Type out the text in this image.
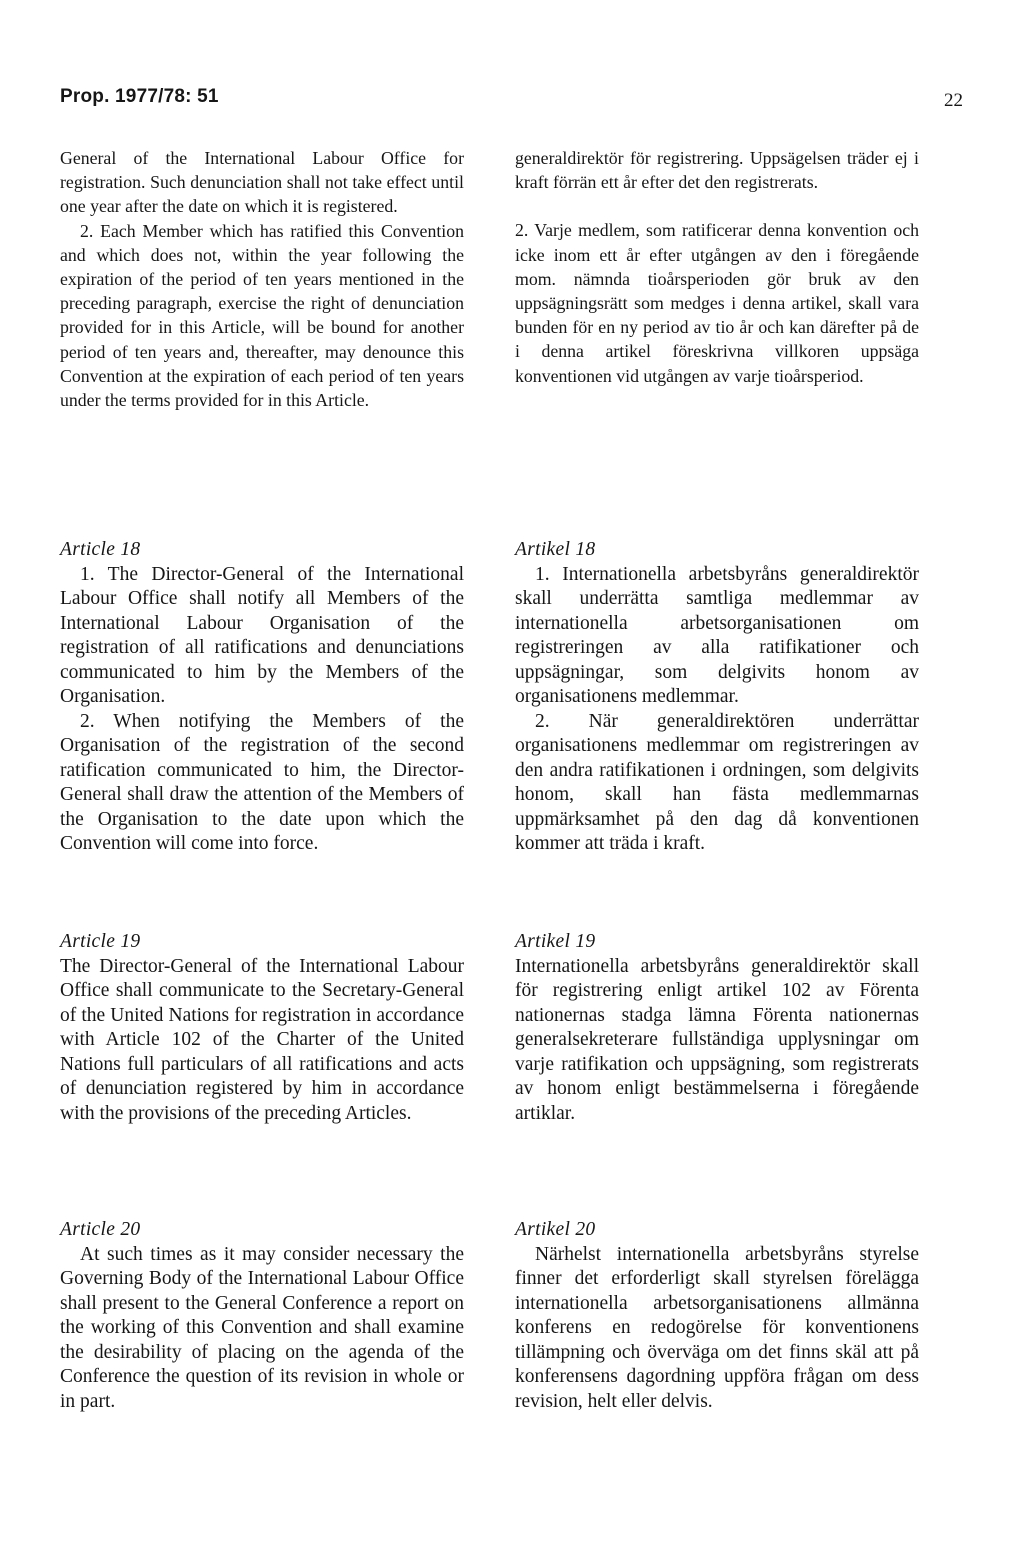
Prop. 1977/78: 51	22

General of the International Labour Office for registration. Such denunciation shall not take effect until one year after the date on which it is registered.

2. Each Member which has ratified this Convention and which does not, within the year following the expiration of the period of ten years mentioned in the preceding paragraph, exercise the right of denunciation provided for in this Article, will be bound for another period of ten years and, thereafter, may denounce this Convention at the expiration of each period of ten years under the terms provided for in this Article.

generaldirektör för registrering. Uppsägelsen träder ej i kraft förrän ett år efter det den registrerats.

2. Varje medlem, som ratificerar denna konvention och icke inom ett år efter utgången av den i föregående mom. nämnda tioårsperioden gör bruk av den uppsägningsrätt som medges i denna artikel, skall vara bunden för en ny period av tio år och kan därefter på de i denna artikel föreskrivna villkoren uppsäga konventionen vid utgången av varje tioårsperiod.

Article 18

1. The Director-General of the International Labour Office shall notify all Members of the International Labour Organisation of the registration of all ratifications and denunciations communicated to him by the Members of the Organisation.

2. When notifying the Members of the Organisation of the registration of the second ratification communicated to him, the Director-General shall draw the attention of the Members of the Organisation to the date upon which the Convention will come into force.

Artikel 18

1. Internationella arbetsbyråns generaldirektör skall underrätta samtliga medlemmar av internationella arbetsorganisationen om registreringen av alla ratifikationer och uppsägningar, som delgivits honom av organisationens medlemmar.

2. När generaldirektören underrättar organisationens medlemmar om registreringen av den andra ratifikationen i ordningen, som delgivits honom, skall han fästa medlemmarnas uppmärksamhet på den dag då konventionen kommer att träda i kraft.

Article 19

The Director-General of the International Labour Office shall communicate to the Secretary-General of the United Nations for registration in accordance with Article 102 of the Charter of the United Nations full particulars of all ratifications and acts of denunciation registered by him in accordance with the provisions of the preceding Articles.

Artikel 19

Internationella arbetsbyråns generaldirektör skall för registrering enligt artikel 102 av Förenta nationernas stadga lämna Förenta nationernas generalsekreterare fullständiga upplysningar om varje ratifikation och uppsägning, som registrerats av honom enligt bestämmelserna i föregående artiklar.

Article 20

At such times as it may consider necessary the Governing Body of the International Labour Office shall present to the General Conference a report on the working of this Convention and shall examine the desirability of placing on the agenda of the Conference the question of its revision in whole or in part.

Artikel 20

Närhelst internationella arbetsbyråns styrelse finner det erforderligt skall styrelsen förelägga internationella arbetsorganisationens allmänna konferens en redogörelse för konventionens tillämpning och överväga om det finns skäl att på konferensens dagordning uppföra frågan om dess revision, helt eller delvis.
